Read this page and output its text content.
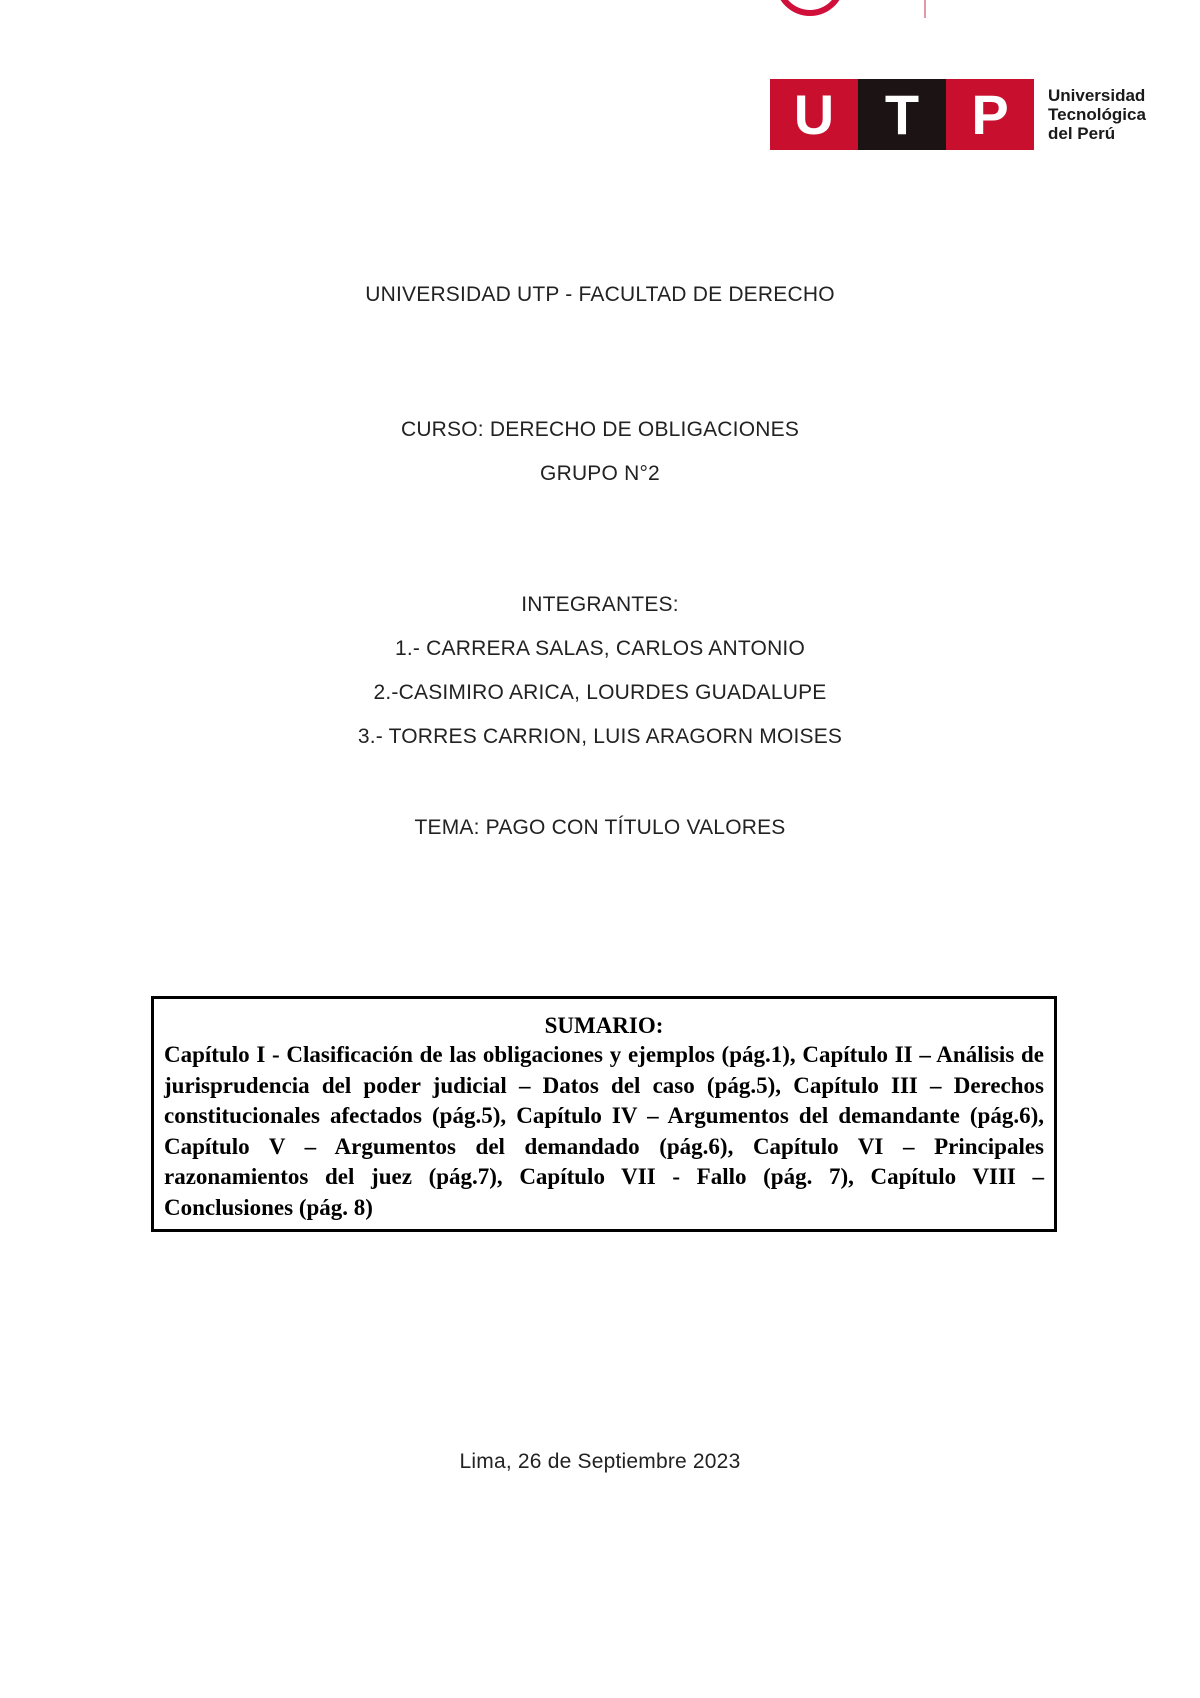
U T P	Universidad
Tecnológica
del Perú
UNIVERSIDAD UTP - FACULTAD DE DERECHO
CURSO: DERECHO DE OBLIGACIONES
GRUPO N°2
INTEGRANTES:
1.- CARRERA SALAS, CARLOS ANTONIO
2.-CASIMIRO ARICA, LOURDES GUADALUPE
3.- TORRES CARRION, LUIS ARAGORN MOISES
TEMA: PAGO CON TÍTULO VALORES
SUMARIO:
Capítulo I - Clasificación de las obligaciones y ejemplos (pág.1), Capítulo II – Análisis de jurisprudencia del poder judicial – Datos del caso (pág.5), Capítulo III – Derechos constitucionales afectados (pág.5), Capítulo IV – Argumentos del demandante (pág.6), Capítulo V – Argumentos del demandado (pág.6), Capítulo VI – Principales razonamientos del juez (pág.7), Capítulo VII - Fallo (pág. 7), Capítulo VIII – Conclusiones (pág. 8)
Lima, 26 de Septiembre 2023
